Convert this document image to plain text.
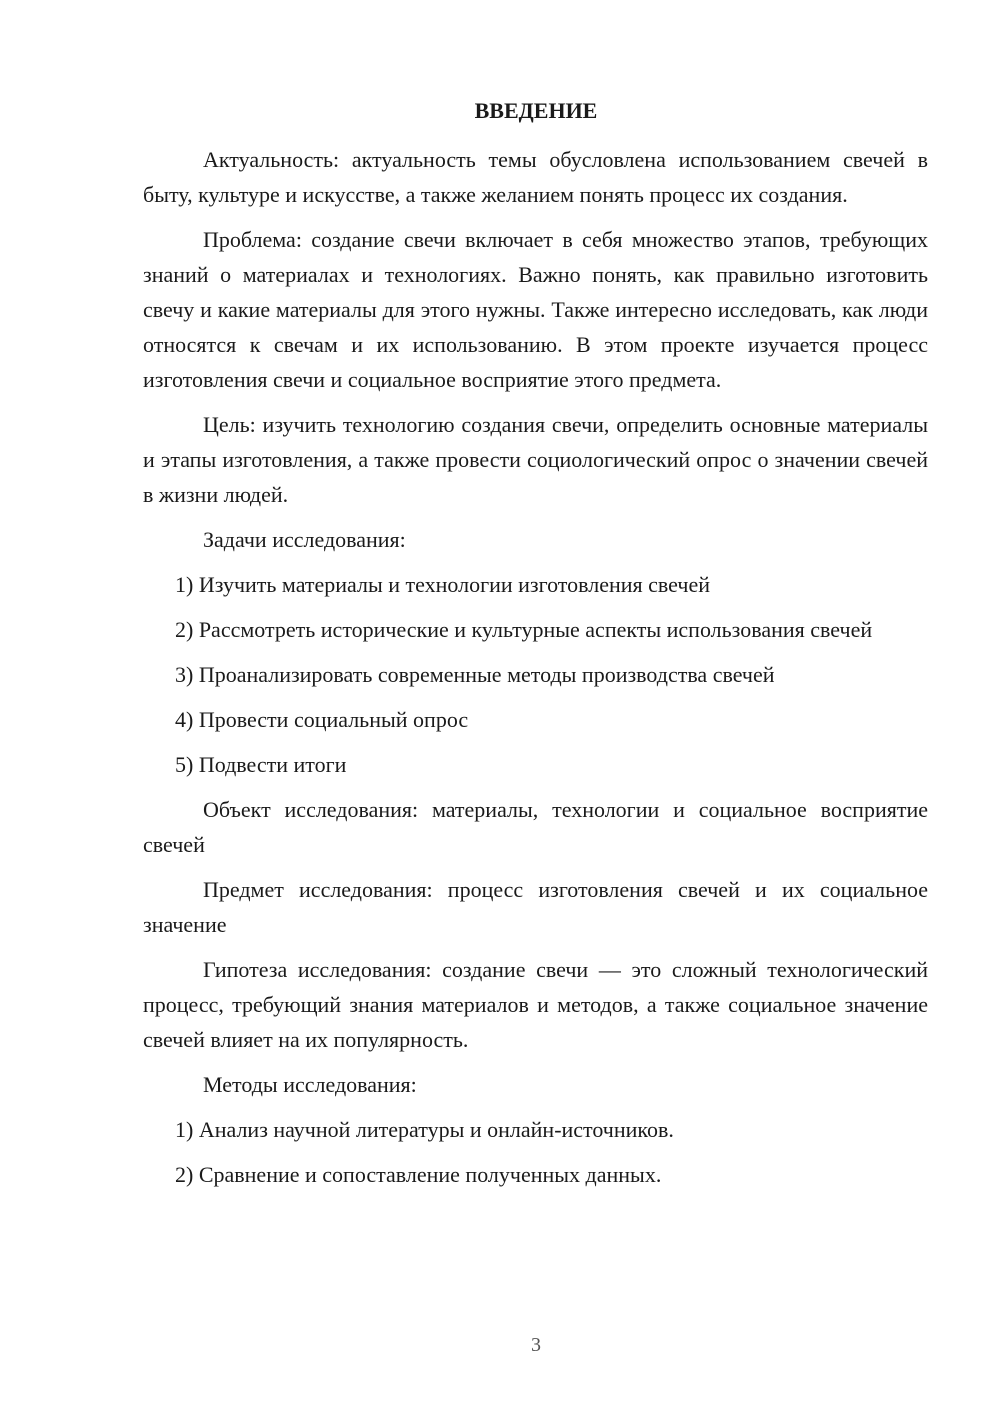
ВВЕДЕНИЕ

Актуальность: актуальность темы обусловлена использованием свечей в быту, культуре и искусстве, а также желанием понять процесс их создания.

Проблема: создание свечи включает в себя множество этапов, требующих знаний о материалах и технологиях. Важно понять, как правильно изготовить свечу и какие материалы для этого нужны. Также интересно исследовать, как люди относятся к свечам и их использованию. В этом проекте изучается процесс изготовления свечи и социальное восприятие этого предмета.

Цель: изучить технологию создания свечи, определить основные материалы и этапы изготовления, а также провести социологический опрос о значении свечей в жизни людей.

Задачи исследования:

1) Изучить материалы и технологии изготовления свечей

2) Рассмотреть исторические и культурные аспекты использования свечей

3) Проанализировать современные методы производства свечей

4) Провести социальный опрос

5) Подвести итоги

Объект исследования: материалы, технологии и социальное восприятие свечей

Предмет исследования: процесс изготовления свечей и их социальное значение

Гипотеза исследования: создание свечи — это сложный технологический процесс, требующий знания материалов и методов, а также социальное значение свечей влияет на их популярность.

Методы исследования:

1) Анализ научной литературы и онлайн-источников.

2) Сравнение и сопоставление полученных данных.

3
